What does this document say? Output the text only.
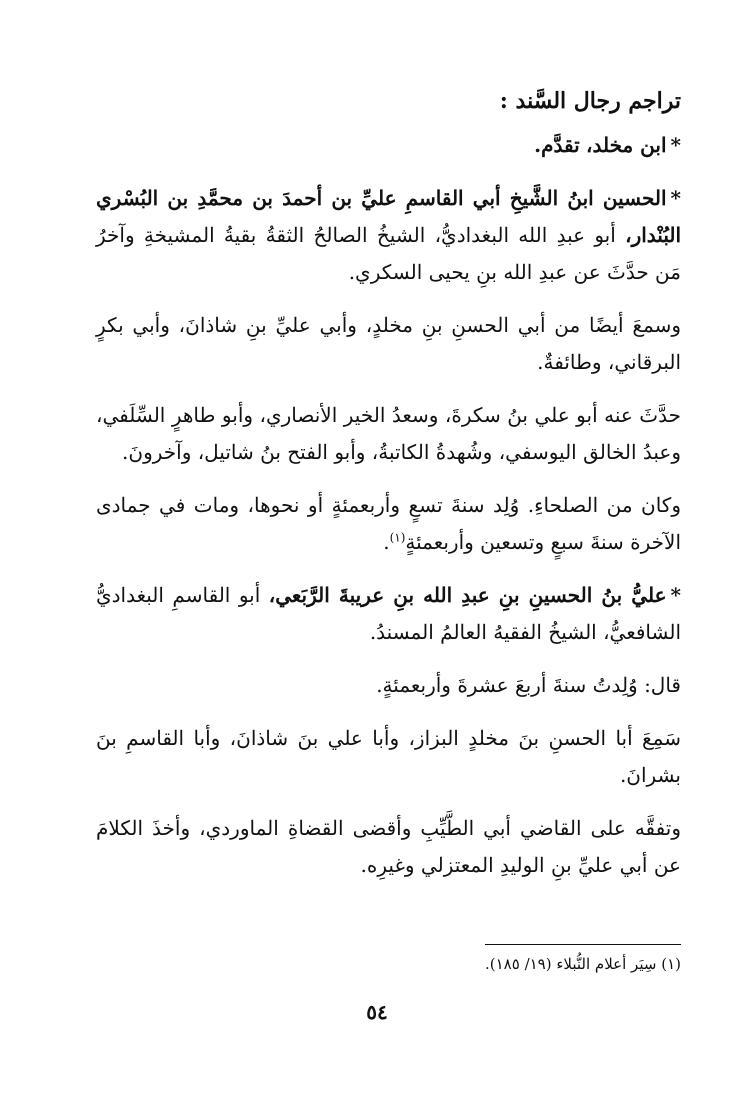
تراجم رجال السَّند :

*ابن مخلد، تقدَّم.

*الحسين ابنُ الشَّيخِ أبي القاسمِ عليِّ بن أحمدَ بن محمَّدِ بن البُسْري البُنْدار، أبو عبدِ الله البغداديُّ، الشيخُ الصالحُ الثقةُ بقيةُ المشيخةِ وآخرُ مَن حدَّثَ عن عبدِ الله بنِ يحيى السكري.

وسمعَ أيضًا من أبي الحسنِ بنِ مخلدٍ، وأبي عليِّ بنِ شاذانَ، وأبي بكرٍ البرقاني، وطائفةٌ.

حدَّثَ عنه أبو علي بنُ سكرةَ، وسعدُ الخير الأنصاري، وأبو طاهرٍ السِّلَفي، وعبدُ الخالق اليوسفي، وشُهدةُ الكاتبةُ، وأبو الفتح بنُ شاتيل، وآخرونَ.

وكان من الصلحاءِ. وُلِد سنةَ تسعٍ وأربعمئةٍ أو نحوها، ومات في جمادى الآخرة سنةَ سبعٍ وتسعين وأربعمئةٍ$^{(١)}$.

*عليُّ بنُ الحسينِ بنِ عبدِ الله بنِ عريبةَ الرَّبَعي، أبو القاسمِ البغداديُّ الشافعيُّ، الشيخُ الفقيهُ العالمُ المسندُ.

قال: وُلِدتُ سنةَ أربعَ عشرةَ وأربعمئةٍ.

سَمِعَ أبا الحسنِ بنَ مخلدٍ البزاز، وأبا علي بنَ شاذانَ، وأبا القاسمِ بنَ بشرانَ.

وتفقَّه على القاضي أبي الطَّيِّبِ وأقضى القضاةِ الماوردي، وأخذَ الكلامَ عن أبي عليِّ بنِ الوليدِ المعتزلي وغيرِه.

(١) سِيَر أعلام النُّبلاء (١٩/ ١٨٥).
٥٤
